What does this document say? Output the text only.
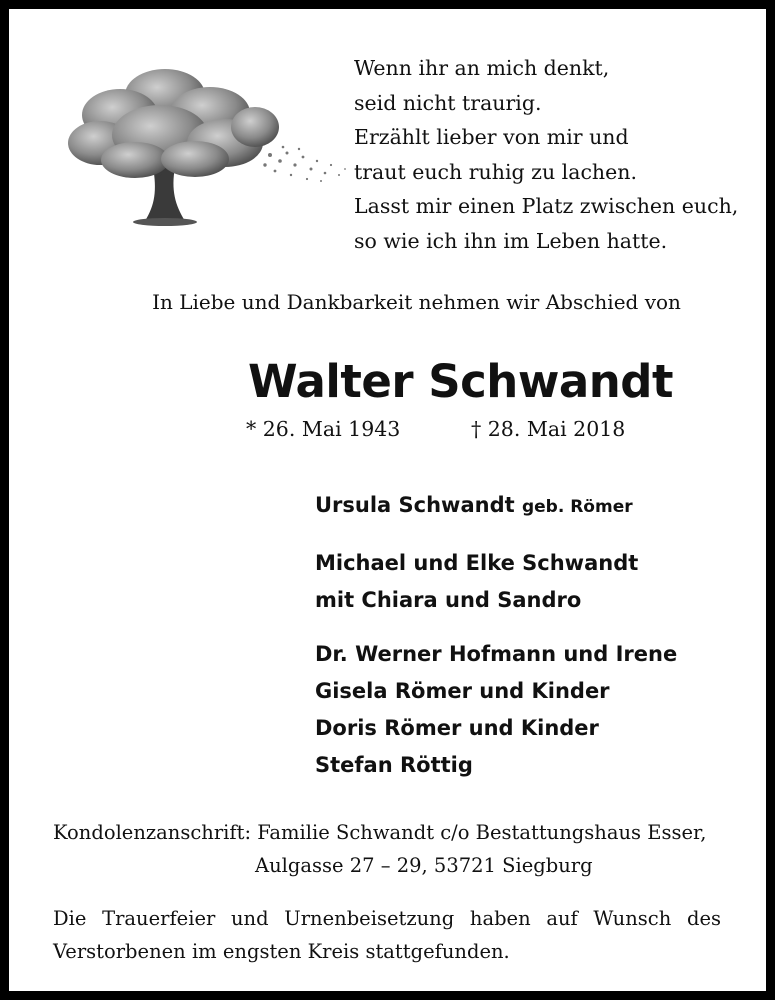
Wenn ihr an mich denkt,
seid nicht traurig.
Erzählt lieber von mir und
traut euch ruhig zu lachen.
Lasst mir einen Platz zwischen euch,
so wie ich ihn im Leben hatte.
In Liebe und Dankbarkeit nehmen wir Abschied von
Walter Schwandt
* 26. Mai 1943	† 28. Mai 2018
Ursula Schwandt geb. Römer
Michael und Elke Schwandt
mit Chiara und Sandro
Dr. Werner Hofmann und Irene
Gisela Römer und Kinder
Doris Römer und Kinder
Stefan Röttig
Kondolenzanschrift: Familie Schwandt c/o Bestattungshaus Esser,
Aulgasse 27 – 29, 53721 Siegburg
Die Trauerfeier und Urnenbeisetzung haben auf Wunsch des Verstorbenen im engsten Kreis stattgefunden.
